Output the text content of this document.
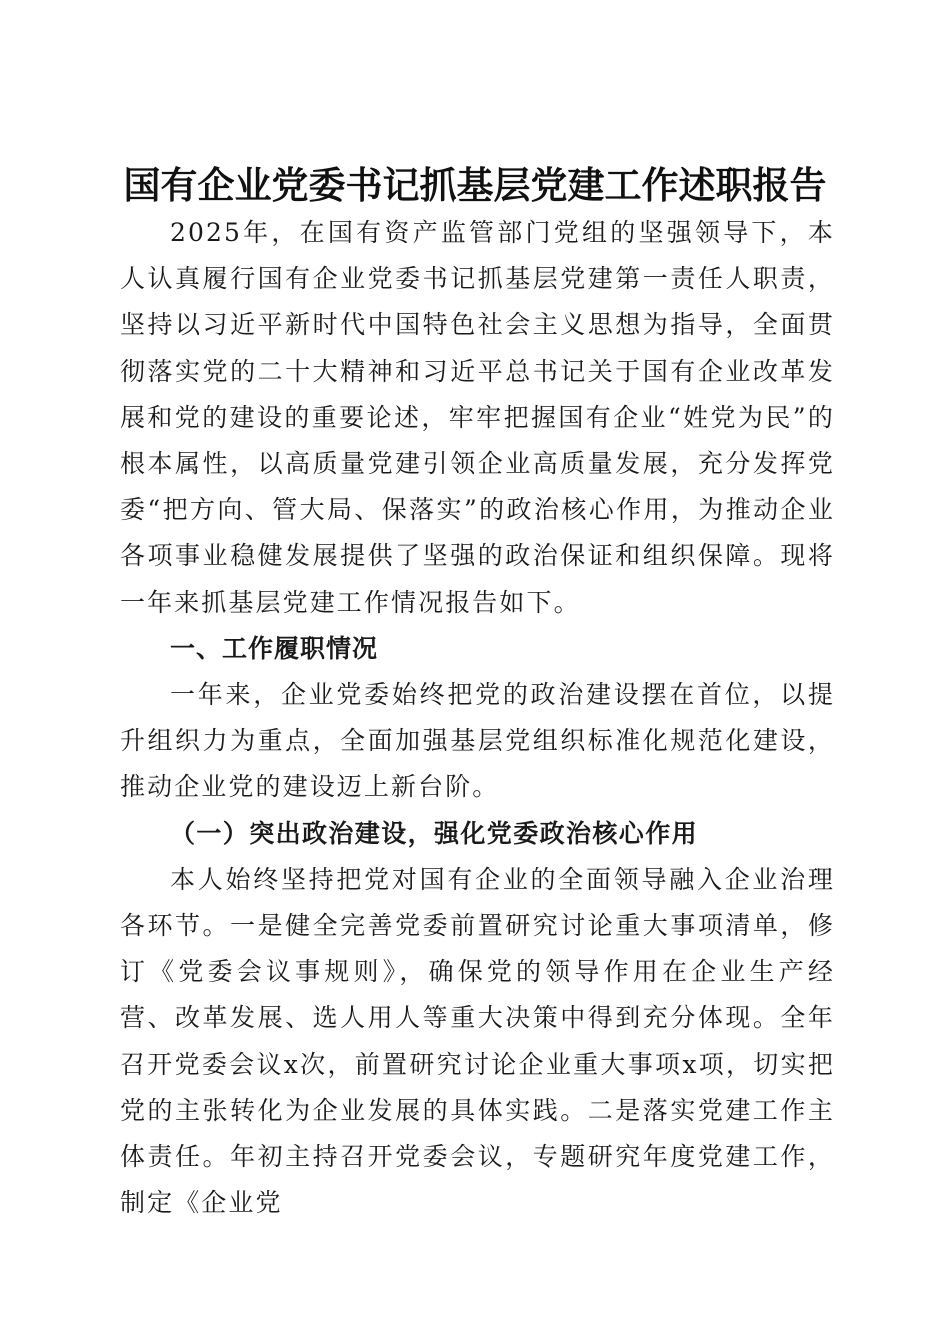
国有企业党委书记抓基层党建工作述职报告

2025年，在国有资产监管部门党组的坚强领导下，本人认真履行国有企业党委书记抓基层党建第一责任人职责，坚持以习近平新时代中国特色社会主义思想为指导，全面贯彻落实党的二十大精神和习近平总书记关于国有企业改革发展和党的建设的重要论述，牢牢把握国有企业“姓党为民”的根本属性，以高质量党建引领企业高质量发展，充分发挥党委“把方向、管大局、保落实”的政治核心作用，为推动企业各项事业稳健发展提供了坚强的政治保证和组织保障。现将一年来抓基层党建工作情况报告如下。

一、工作履职情况

一年来，企业党委始终把党的政治建设摆在首位，以提升组织力为重点，全面加强基层党组织标准化规范化建设，推动企业党的建设迈上新台阶。

（一）突出政治建设，强化党委政治核心作用

本人始终坚持把党对国有企业的全面领导融入企业治理各环节。一是健全完善党委前置研究讨论重大事项清单，修订《党委会议事规则》，确保党的领导作用在企业生产经营、改革发展、选人用人等重大决策中得到充分体现。全年召开党委会议x次，前置研究讨论企业重大事项x项，切实把党的主张转化为企业发展的具体实践。二是落实党建工作主体责任。年初主持召开党委会议，专题研究年度党建工作，制定《企业党
